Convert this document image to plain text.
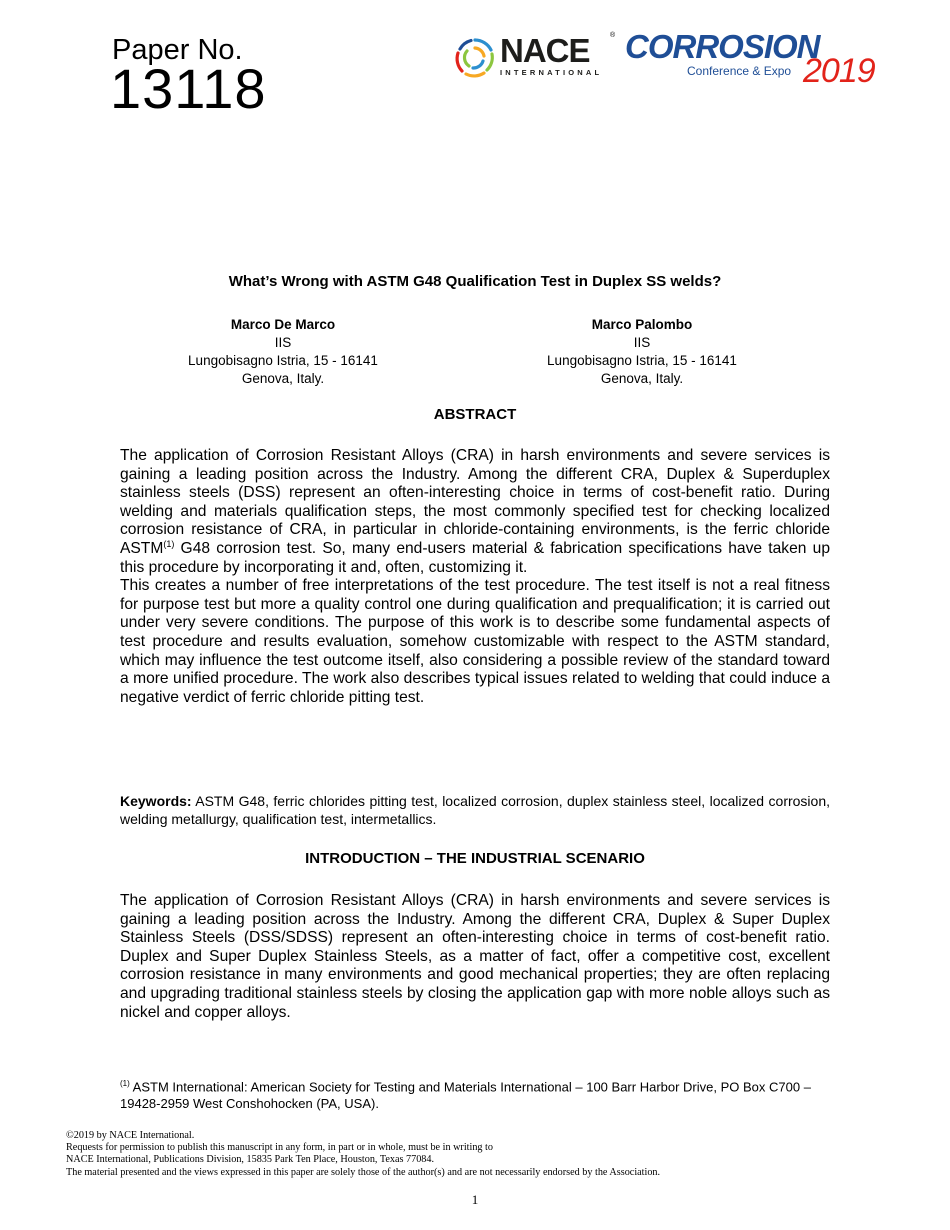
Paper No.
13118
NACE	®
INTERNATIONAL
CORROSION
Conference & Expo 2019
What’s Wrong with ASTM G48 Qualification Test in Duplex SS welds?
Marco De Marco
IIS
Lungobisagno Istria, 15 - 16141
Genova, Italy.
Marco Palombo
IIS
Lungobisagno Istria, 15 - 16141
Genova, Italy.
ABSTRACT

The application of Corrosion Resistant Alloys (CRA) in harsh environments and severe services is gaining a leading position across the Industry. Among the different CRA, Duplex & Superduplex stainless steels (DSS) represent an often-interesting choice in terms of cost-benefit ratio. During welding and materials qualification steps, the most commonly specified test for checking localized corrosion resistance of CRA, in particular in chloride-containing environments, is the ferric chloride ASTM$^{(1)}$ G48 corrosion test. So, many end-users material & fabrication specifications have taken up this procedure by incorporating it and, often, customizing it.

This creates a number of free interpretations of the test procedure. The test itself is not a real fitness for purpose test but more a quality control one during qualification and prequalification; it is carried out under very severe conditions. The purpose of this work is to describe some fundamental aspects of test procedure and results evaluation, somehow customizable with respect to the ASTM standard, which may influence the test outcome itself, also considering a possible review of the standard toward a more unified procedure. The work also describes typical issues related to welding that could induce a negative verdict of ferric chloride pitting test.

Keywords: ASTM G48, ferric chlorides pitting test, localized corrosion, duplex stainless steel, localized corrosion, welding metallurgy, qualification test, intermetallics.
INTRODUCTION – THE INDUSTRIAL SCENARIO

The application of Corrosion Resistant Alloys (CRA) in harsh environments and severe services is gaining a leading position across the Industry. Among the different CRA, Duplex & Super Duplex Stainless Steels (DSS/SDSS) represent an often-interesting choice in terms of cost-benefit ratio. Duplex and Super Duplex Stainless Steels, as a matter of fact, offer a competitive cost, excellent corrosion resistance in many environments and good mechanical properties; they are often replacing and upgrading traditional stainless steels by closing the application gap with more noble alloys such as nickel and copper alloys.

$^{(1)}$ ASTM International: American Society for Testing and Materials International – 100 Barr Harbor Drive, PO Box C700 – 19428-2959 West Conshohocken (PA, USA).
©2019 by NACE International.
Requests for permission to publish this manuscript in any form, in part or in whole, must be in writing to
NACE International, Publications Division, 15835 Park Ten Place, Houston, Texas 77084.
The material presented and the views expressed in this paper are solely those of the author(s) and are not necessarily endorsed by the Association.
1
